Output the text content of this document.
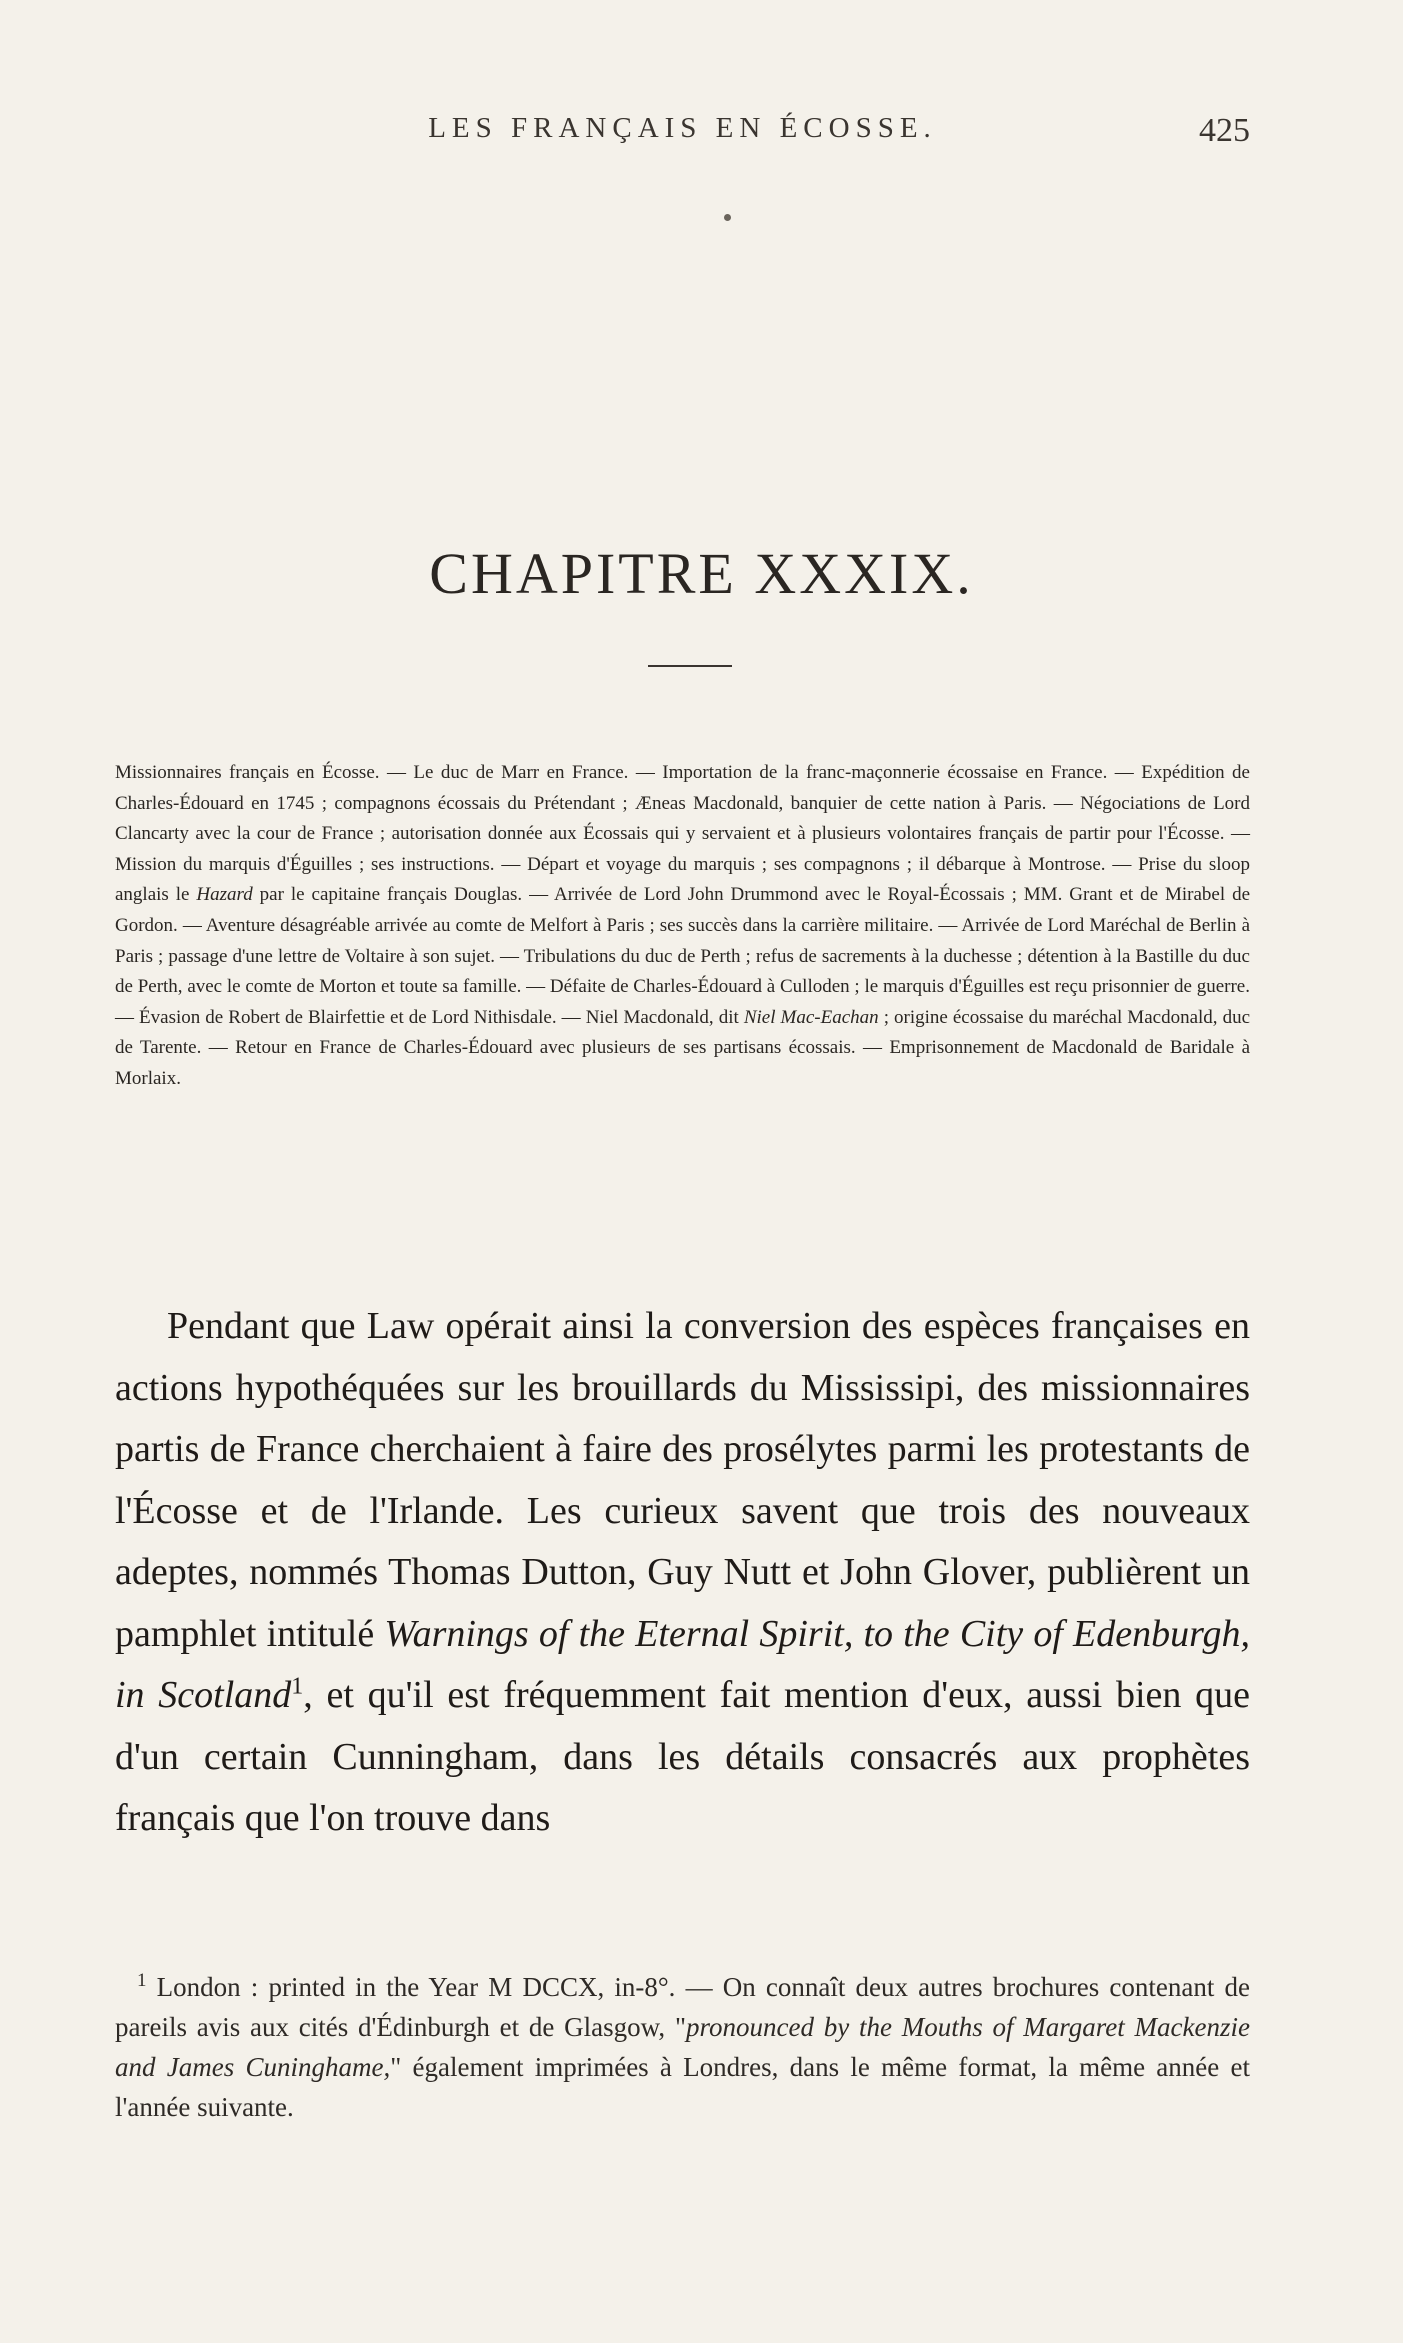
LES FRANÇAIS EN ÉCOSSE.	425
CHAPITRE XXXIX.

Missionnaires français en Écosse. — Le duc de Marr en France. — Importation de la franc-maçonnerie écossaise en France. — Expédition de Charles-Édouard en 1745 ; compagnons écossais du Prétendant ; Æneas Macdonald, banquier de cette nation à Paris. — Négociations de Lord Clancarty avec la cour de France ; autorisation donnée aux Écossais qui y servaient et à plusieurs volontaires français de partir pour l'Écosse. — Mission du marquis d'Éguilles ; ses instructions. — Départ et voyage du marquis ; ses compagnons ; il débarque à Montrose. — Prise du sloop anglais le Hazard par le capitaine français Douglas. — Arrivée de Lord John Drummond avec le Royal-Écossais ; MM. Grant et de Mirabel de Gordon. — Aventure désagréable arrivée au comte de Melfort à Paris ; ses succès dans la carrière militaire. — Arrivée de Lord Maréchal de Berlin à Paris ; passage d'une lettre de Voltaire à son sujet. — Tribulations du duc de Perth ; refus de sacrements à la duchesse ; détention à la Bastille du duc de Perth, avec le comte de Morton et toute sa famille. — Défaite de Charles-Édouard à Culloden ; le marquis d'Éguilles est reçu prisonnier de guerre. — Évasion de Robert de Blairfettie et de Lord Nithisdale. — Niel Macdonald, dit Niel Mac-Eachan ; origine écossaise du maréchal Macdonald, duc de Tarente. — Retour en France de Charles-Édouard avec plusieurs de ses partisans écossais. — Emprisonnement de Macdonald de Baridale à Morlaix.

Pendant que Law opérait ainsi la conversion des espèces françaises en actions hypothéquées sur les brouillards du Mississipi, des missionnaires partis de France cherchaient à faire des prosélytes parmi les protestants de l'Écosse et de l'Irlande. Les curieux savent que trois des nouveaux adeptes, nommés Thomas Dutton, Guy Nutt et John Glover, publièrent un pamphlet intitulé Warnings of the Eternal Spirit, to the City of Edenburgh, in Scotland$^1$, et qu'il est fréquemment fait mention d'eux, aussi bien que d'un certain Cunningham, dans les détails consacrés aux prophètes français que l'on trouve dans

$^1$ London : printed in the Year M DCCX, in-8°. — On connaît deux autres brochures contenant de pareils avis aux cités d'Édinburgh et de Glasgow, "pronounced by the Mouths of Margaret Mackenzie and James Cuninghame," également imprimées à Londres, dans le même format, la même année et l'année suivante.
